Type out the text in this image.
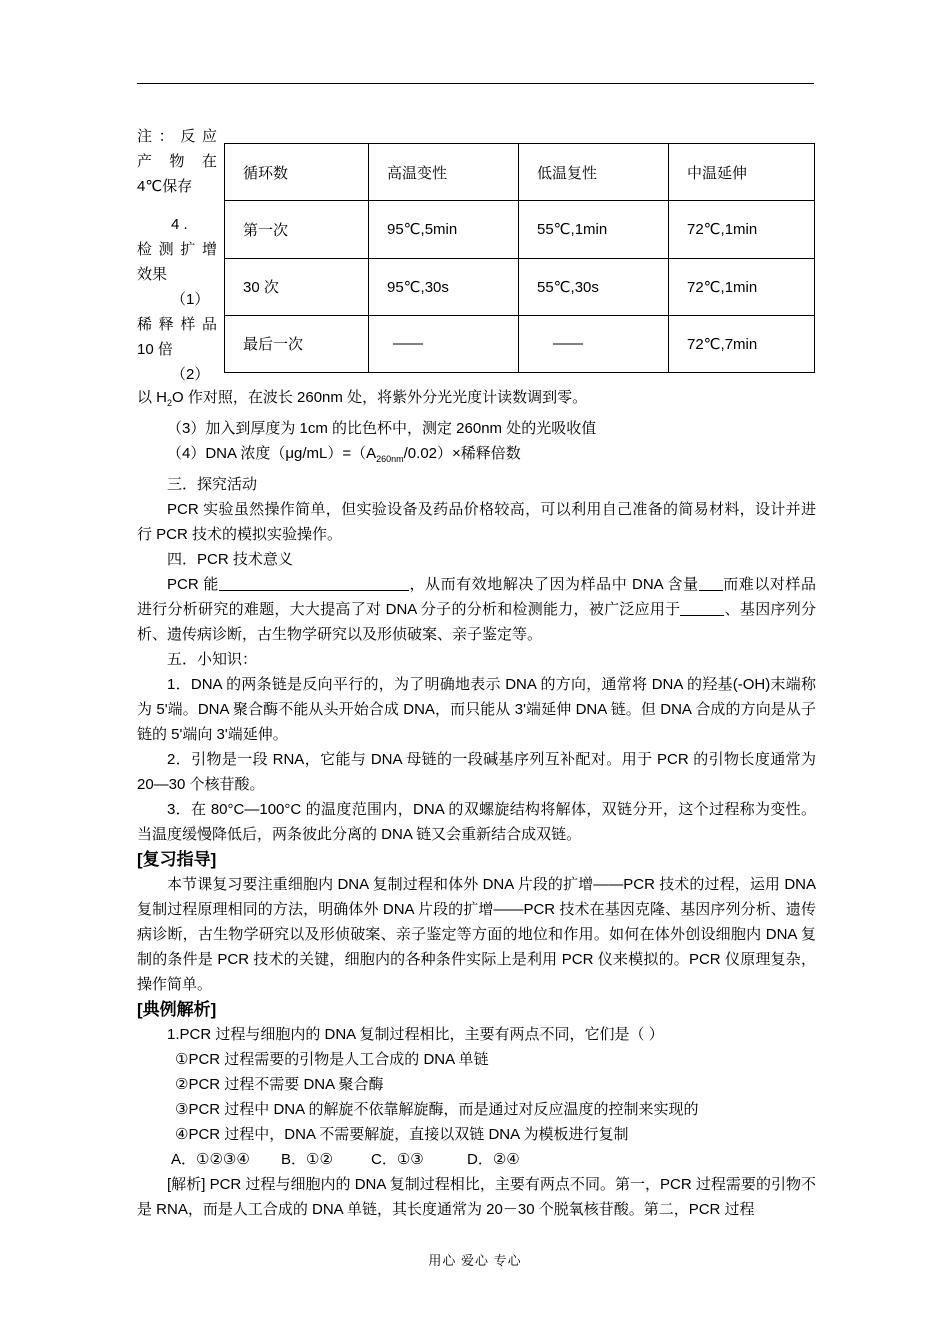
注：反应
产 物 在
4℃保存
4 .
检测扩增
效果
（1）
稀释样品
10 倍
（2）
循环数	高温变性	低温复性	中温延伸
第一次	95℃,5min	55℃,1min	72℃,1min
30 次	95℃,30s	55℃,30s	72℃,1min
最后一次	——	——	72℃,7min

以 $H_2O$ 作对照，在波长 260nm 处，将紫外分光光度计读数调到零。

（3）加入到厚度为 1cm 的比色杯中，测定 260nm 处的光吸收值

（4）DNA 浓度$(\mu g/mL)=(A_{260nm}/0.02)\times$稀释倍数

三．探究活动

PCR 实验虽然操作简单，但实验设备及药品价格较高，可以利用自己准备的简易材料，设计并进行 PCR 技术的模拟实验操作。

四．PCR 技术意义

PCR 能	，从而有效地解决了因为样品中 DNA 含量 而难以对样品进行分析研究的难题，大大提高了对 DNA 分子的分析和检测能力，被广泛应用于	、基因序列分析、遗传病诊断，古生物学研究以及形侦破案、亲子鉴定等。

五．小知识：

1．DNA 的两条链是反向平行的，为了明确地表示 DNA 的方向，通常将 DNA 的羟基(-OH)末端称为 5'端。DNA 聚合酶不能从头开始合成 DNA，而只能从 3'端延伸 DNA 链。但 DNA 合成的方向是从子链的 5'端向 3'端延伸。

2．引物是一段 RNA，它能与 DNA 母链的一段碱基序列互补配对。用于 PCR 的引物长度通常为 20—30 个核苷酸。

3．在 80°C—100°C 的温度范围内，DNA 的双螺旋结构将解体，双链分开，这个过程称为变性。当温度缓慢降低后，两条彼此分离的 DNA 链又会重新结合成双链。

[复习指导]

本节课复习要注重细胞内 DNA 复制过程和体外 DNA 片段的扩增——PCR 技术的过程，运用 DNA 复制过程原理相同的方法，明确体外 DNA 片段的扩增——PCR 技术在基因克隆、基因序列分析、遗传病诊断，古生物学研究以及形侦破案、亲子鉴定等方面的地位和作用。如何在体外创设细胞内 DNA 复制的条件是 PCR 技术的关键，细胞内的各种条件实际上是利用 PCR 仪来模拟的。PCR 仪原理复杂，操作简单。

[典例解析]

1.PCR 过程与细胞内的 DNA 复制过程相比，主要有两点不同，它们是（ ）

①PCR 过程需要的引物是人工合成的 DNA 单链

②PCR 过程不需要 DNA 聚合酶

③PCR 过程中 DNA 的解旋不依靠解旋酶，而是通过对反应温度的控制来实现的

④PCR 过程中，DNA 不需要解旋，直接以双链 DNA 为模板进行复制

A．①②③④ B．①②	C．①③	D．②④

[解析] PCR 过程与细胞内的 DNA 复制过程相比，主要有两点不同。第一，PCR 过程需要的引物不是 RNA，而是人工合成的 DNA 单链，其长度通常为 20－30 个脱氧核苷酸。第二，PCR 过程

用心 爱心 专心
